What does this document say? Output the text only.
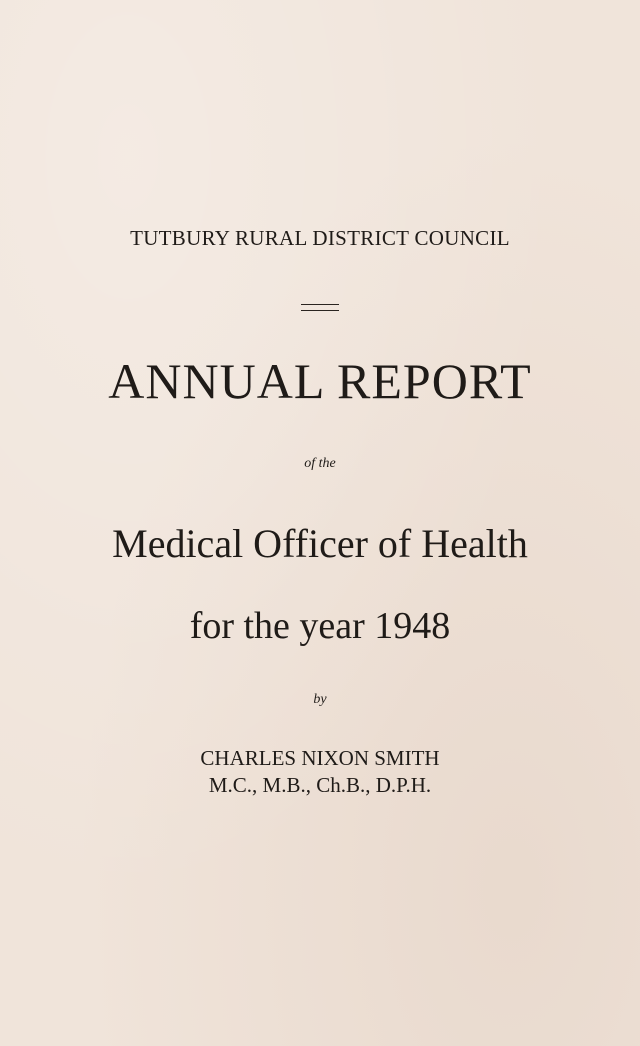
TUTBURY RURAL DISTRICT COUNCIL
ANNUAL REPORT
of the
Medical Officer of Health
for the year 1948
by
CHARLES NIXON SMITH
M.C., M.B., Ch.B., D.P.H.
